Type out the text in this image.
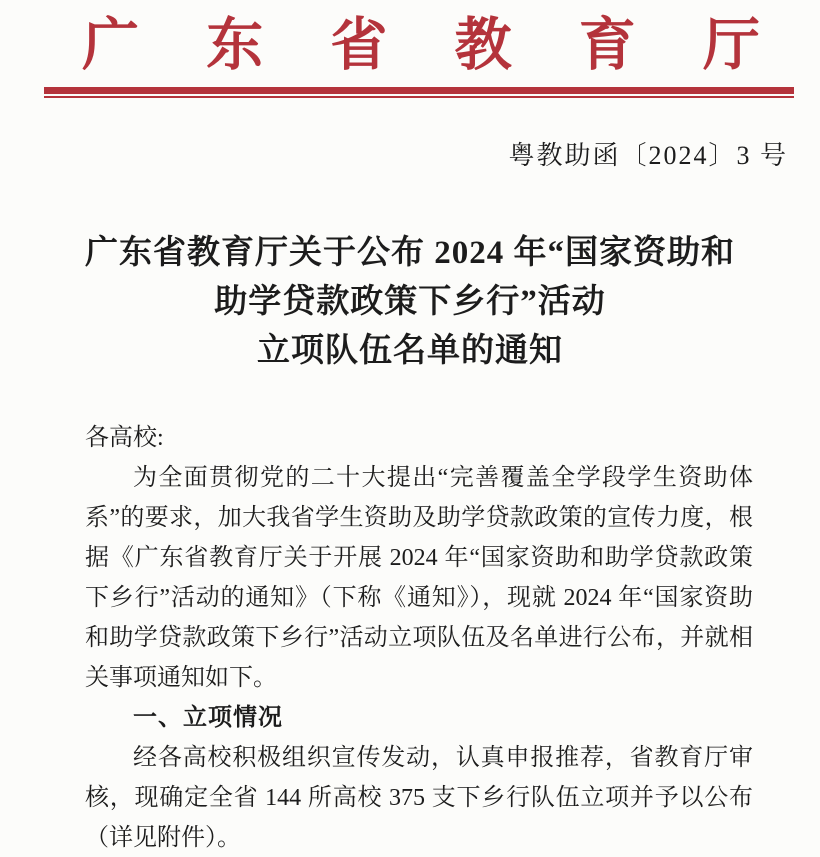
广 东 省 教 育 厅
粤教助函〔2024〕3 号
广东省教育厅关于公布 2024 年“国家资助和
助学贷款政策下乡行”活动
立项队伍名单的通知
各高校:
为全面贯彻党的二十大提出“完善覆盖全学段学生资助体
系”的要求，加大我省学生资助及助学贷款政策的宣传力度，根
据《广东省教育厅关于开展 2024 年“国家资助和助学贷款政策
下乡行”活动的通知》（下称《通知》），现就 2024 年“国家资助
和助学贷款政策下乡行”活动立项队伍及名单进行公布，并就相
关事项通知如下。
一、立项情况
经各高校积极组织宣传发动，认真申报推荐，省教育厅审
核，现确定全省 144 所高校 375 支下乡行队伍立项并予以公布
（详见附件）。
